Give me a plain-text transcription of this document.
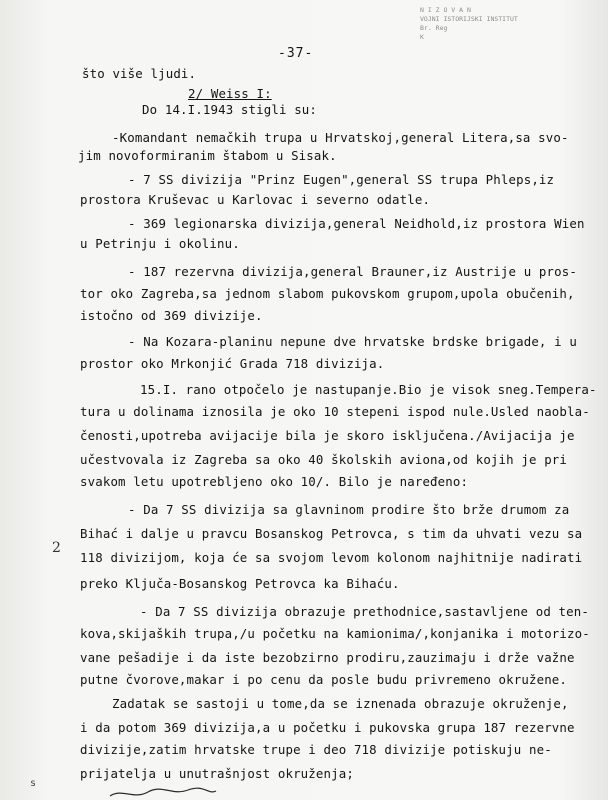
N I Z O V A N
VOJNI ISTORIJSKI INSTITUT
Br. Reg
K
-37-
što više ljudi.
2/ Weiss I:
Do 14.I.1943 stigli su:
-Komandant nemačkih trupa u Hrvatskoj,general Litera,sa svo-
jim novoformiranim štabom u Sisak.
- 7 SS divizija "Prinz Eugen",general SS trupa Phleps,iz
prostora Kruševac u Karlovac i severno odatle.
- 369 legionarska divizija,general Neidhold,iz prostora Wien
u Petrinju i okolinu.
- 187 rezervna divizija,general Brauner,iz Austrije u pros-
tor oko Zagreba,sa jednom slabom pukovskom grupom,upola obučenih,
istočno od 369 divizije.
- Na Kozara-planinu nepune dve hrvatske brdske brigade, i u
prostor oko Mrkonjić Grada 718 divizija.
15.I. rano otpočelo je nastupanje.Bio je visok sneg.Tempera-
tura u dolinama iznosila je oko 10 stepeni ispod nule.Usled naobla-
čenosti,upotreba avijacije bila je skoro isključena./Avijacija je
učestvovala iz Zagreba sa oko 40 školskih aviona,od kojih je pri
svakom letu upotrebljeno oko 10/. Bilo je naređeno:
- Da 7 SS divizija sa glavninom prodire što brže drumom za
Bihać i dalje u pravcu Bosanskog Petrovca, s tim da uhvati vezu sa
118 divizijom, koja će sa svojom levom kolonom najhitnije nadirati
preko Ključa-Bosanskog Petrovca ka Bihaću.
- Da 7 SS divizija obrazuje prethodnice,sastavljene od ten-
kova,skijaških trupa,/u početku na kamionima/,konjanika i motorizo-
vane pešadije i da iste bezobzirno prodiru,zauzimaju i drže važne
putne čvorove,makar i po cenu da posle budu privremeno okružene.
Zadatak se sastoji u tome,da se iznenada obrazuje okruženje,
i da potom 369 divizija,a u početku i pukovska grupa 187 rezervne
divizije,zatim hrvatske trupe i deo 718 divizije potiskuju ne-
prijatelja u unutrašnjost okruženja;
2
s
